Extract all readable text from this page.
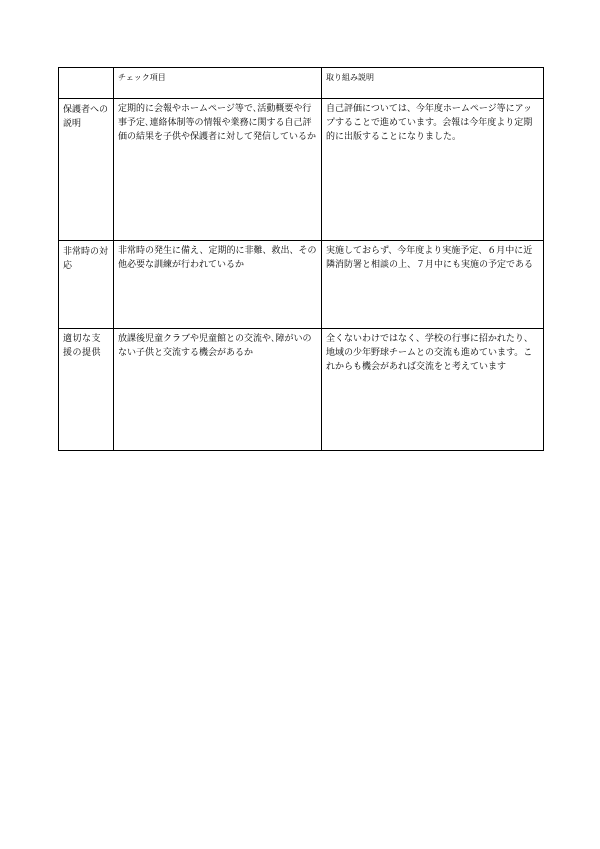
	チェック項目	取り組み説明
保護者への説明	定期的に会報やホームページ等で､活動概要や行事予定､連絡体制等の情報や業務に関する自己評価の結果を子供や保護者に対して発信しているか	自己評価については、今年度ホームページ等にアップすることで進めています。会報は今年度より定期的に出版することになりました。
非常時の対応	非常時の発生に備え、定期的に非難、救出、その他必要な訓練が行われているか	実施しておらず、今年度より実施予定、６月中に近隣消防署と相談の上、７月中にも実施の予定である
適切な支援の提供	放課後児童クラブや児童館との交流や､障がいのない子供と交流する機会があるか	全くないわけではなく、学校の行事に招かれたり、地域の少年野球チームとの交流も進めています。これからも機会があれば交流をと考えています
